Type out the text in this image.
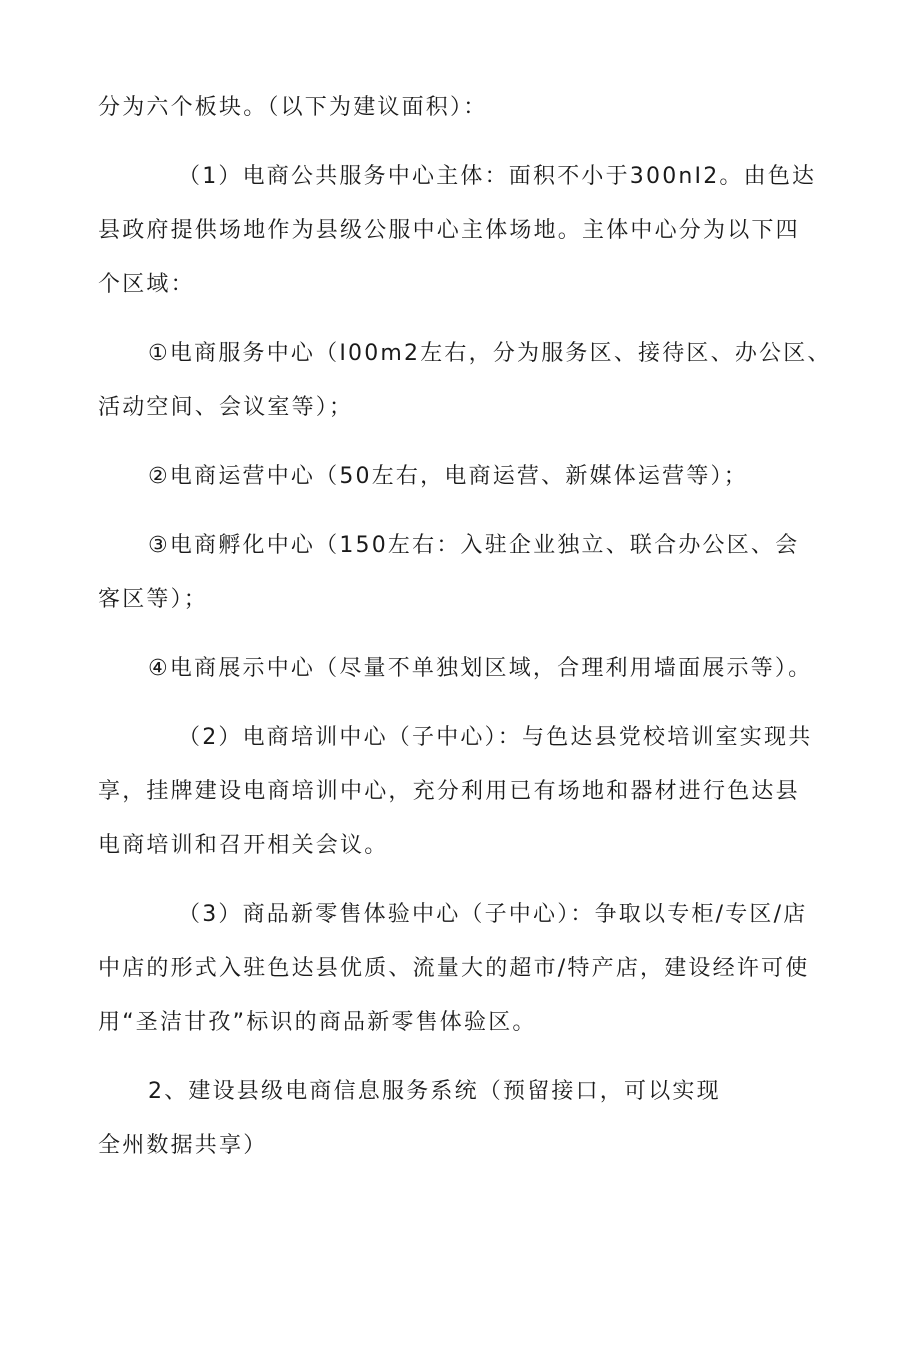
分为六个板块。（以下为建议面积）：

（1）电商公共服务中心主体：面积不小于300nI2。由色达

县政府提供场地作为县级公服中心主体场地。主体中心分为以下四

个区域：

①电商服务中心（I00m2左右，分为服务区、接待区、办公区、

活动空间、会议室等）；

②电商运营中心（50左右，电商运营、新媒体运营等）；

③电商孵化中心（150左右：入驻企业独立、联合办公区、会

客区等）；

④电商展示中心（尽量不单独划区域，合理利用墙面展示等）。

（2）电商培训中心（子中心）：与色达县党校培训室实现共

享，挂牌建设电商培训中心，充分利用已有场地和器材进行色达县

电商培训和召开相关会议。

（3）商品新零售体验中心（子中心）：争取以专柜/专区/店

中店的形式入驻色达县优质、流量大的超市/特产店，建设经许可使

用“圣洁甘孜”标识的商品新零售体验区。

2、建设县级电商信息服务系统（预留接口，可以实现

全州数据共享）
